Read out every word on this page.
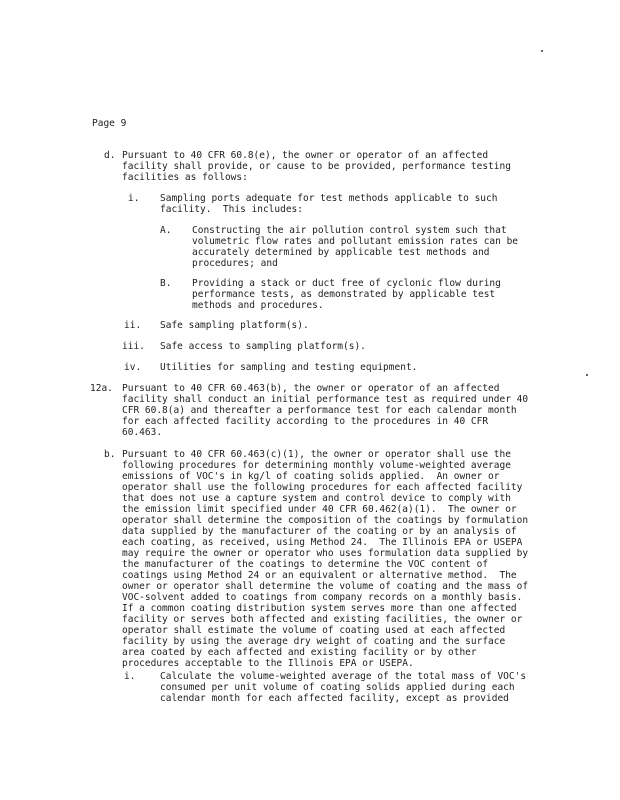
Page 9
d. Pursuant to 40 CFR 60.8(e), the owner or operator of an affected
facility shall provide, or cause to be provided, performance testing
facilities as follows:
i. Sampling ports adequate for test methods applicable to such
facility.  This includes:
A. Constructing the air pollution control system such that
volumetric flow rates and pollutant emission rates can be
accurately determined by applicable test methods and
procedures; and
B. Providing a stack or duct free of cyclonic flow during
performance tests, as demonstrated by applicable test
methods and procedures.
ii. Safe sampling platform(s).
iii. Safe access to sampling platform(s).
iv. Utilities for sampling and testing equipment.
12a. Pursuant to 40 CFR 60.463(b), the owner or operator of an affected
facility shall conduct an initial performance test as required under 40
CFR 60.8(a) and thereafter a performance test for each calendar month
for each affected facility according to the procedures in 40 CFR
60.463.
b. Pursuant to 40 CFR 60.463(c)(1), the owner or operator shall use the
following procedures for determining monthly volume-weighted average
emissions of VOC's in kg/l of coating solids applied.  An owner or
operator shall use the following procedures for each affected facility
that does not use a capture system and control device to comply with
the emission limit specified under 40 CFR 60.462(a)(1).  The owner or
operator shall determine the composition of the coatings by formulation
data supplied by the manufacturer of the coating or by an analysis of
each coating, as received, using Method 24.  The Illinois EPA or USEPA
may require the owner or operator who uses formulation data supplied by
the manufacturer of the coatings to determine the VOC content of
coatings using Method 24 or an equivalent or alternative method.  The
owner or operator shall determine the volume of coating and the mass of
VOC-solvent added to coatings from company records on a monthly basis.
If a common coating distribution system serves more than one affected
facility or serves both affected and existing facilities, the owner or
operator shall estimate the volume of coating used at each affected
facility by using the average dry weight of coating and the surface
area coated by each affected and existing facility or by other
procedures acceptable to the Illinois EPA or USEPA.
i.	Calculate the volume-weighted average of the total mass of VOC's
consumed per unit volume of coating solids applied during each
calendar month for each affected facility, except as provided
